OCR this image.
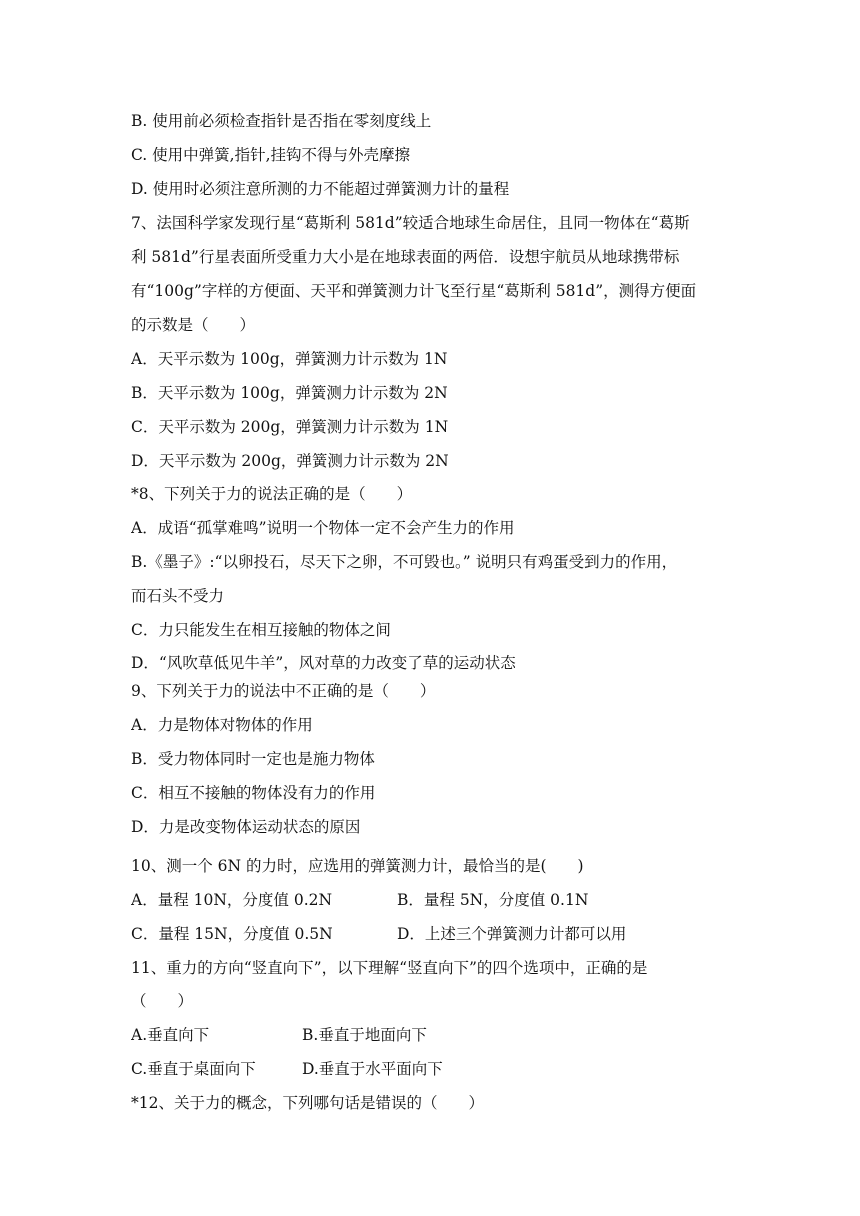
B. 使用前必须检查指针是否指在零刻度线上
C. 使用中弹簧,指针,挂钩不得与外壳摩擦
D. 使用时必须注意所测的力不能超过弹簧测力计的量程
7、法国科学家发现行星“葛斯利 581d”较适合地球生命居住，且同一物体在“葛斯
利 581d”行星表面所受重力大小是在地球表面的两倍．设想宇航员从地球携带标
有“100g”字样的方便面、天平和弹簧测力计飞至行星“葛斯利 581d”，测得方便面
的示数是（　　）
A．天平示数为 100g，弹簧测力计示数为 1N
B．天平示数为 100g，弹簧测力计示数为 2N
C．天平示数为 200g，弹簧测力计示数为 1N
D．天平示数为 200g，弹簧测力计示数为 2N
*8、下列关于力的说法正确的是（　　）
A．成语“孤掌难鸣”说明一个物体一定不会产生力的作用
B.《墨子》:“以卵投石，尽天下之卵，不可毁也。” 说明只有鸡蛋受到力的作用，
而石头不受力
C．力只能发生在相互接触的物体之间
D．“风吹草低见牛羊”，风对草的力改变了草的运动状态
9、下列关于力的说法中不正确的是（　　）
A．力是物体对物体的作用
B．受力物体同时一定也是施力物体
C．相互不接触的物体没有力的作用
D．力是改变物体运动状态的原因
10、测一个 6N 的力时，应选用的弹簧测力计，最恰当的是(　　)
A．量程 10N，分度值 0.2N	B．量程 5N，分度值 0.1N
C．量程 15N，分度值 0.5N	D．上述三个弹簧测力计都可以用
11、重力的方向“竖直向下”，以下理解“竖直向下”的四个选项中，正确的是
（　　）
A.垂直向下	B.垂直于地面向下
C.垂直于桌面向下	D.垂直于水平面向下
*12、关于力的概念，下列哪句话是错误的（　　）
